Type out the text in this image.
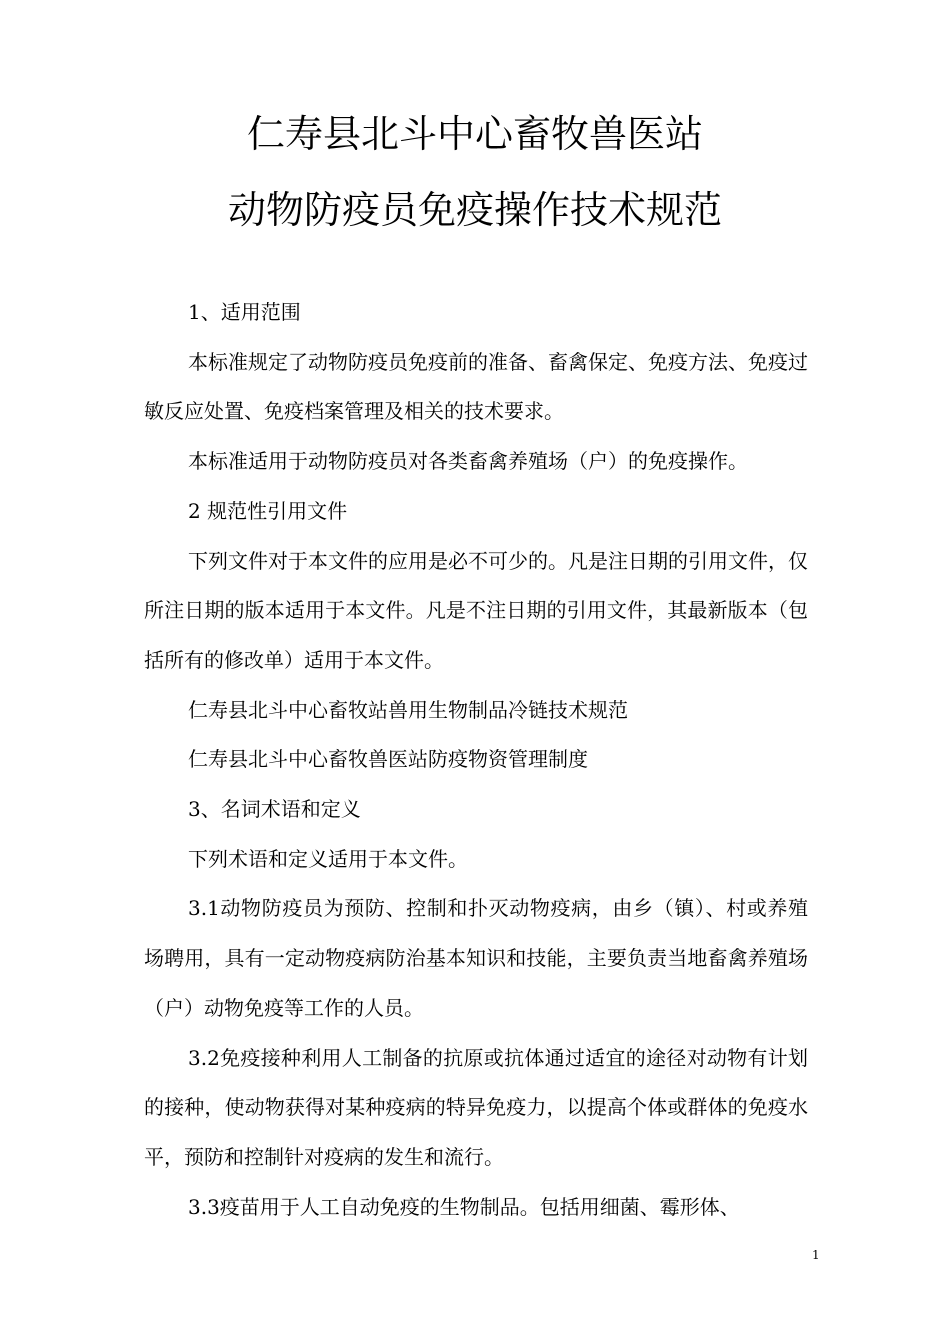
仁寿县北斗中心畜牧兽医站
动物防疫员免疫操作技术规范

1、适用范围

本标准规定了动物防疫员免疫前的准备、畜禽保定、免疫方法、免疫过敏反应处置、免疫档案管理及相关的技术要求。

本标准适用于动物防疫员对各类畜禽养殖场（户）的免疫操作。

2 规范性引用文件

下列文件对于本文件的应用是必不可少的。凡是注日期的引用文件，仅所注日期的版本适用于本文件。凡是不注日期的引用文件，其最新版本（包括所有的修改单）适用于本文件。

仁寿县北斗中心畜牧站兽用生物制品冷链技术规范

仁寿县北斗中心畜牧兽医站防疫物资管理制度

3、名词术语和定义

下列术语和定义适用于本文件。

3.1动物防疫员为预防、控制和扑灭动物疫病，由乡（镇）、村或养殖场聘用，具有一定动物疫病防治基本知识和技能，主要负责当地畜禽养殖场（户）动物免疫等工作的人员。

3.2免疫接种利用人工制备的抗原或抗体通过适宜的途径对动物有计划的接种，使动物获得对某种疫病的特异免疫力，以提高个体或群体的免疫水平，预防和控制针对疫病的发生和流行。

3.3疫苗用于人工自动免疫的生物制品。包括用细菌、霉形体、

1
